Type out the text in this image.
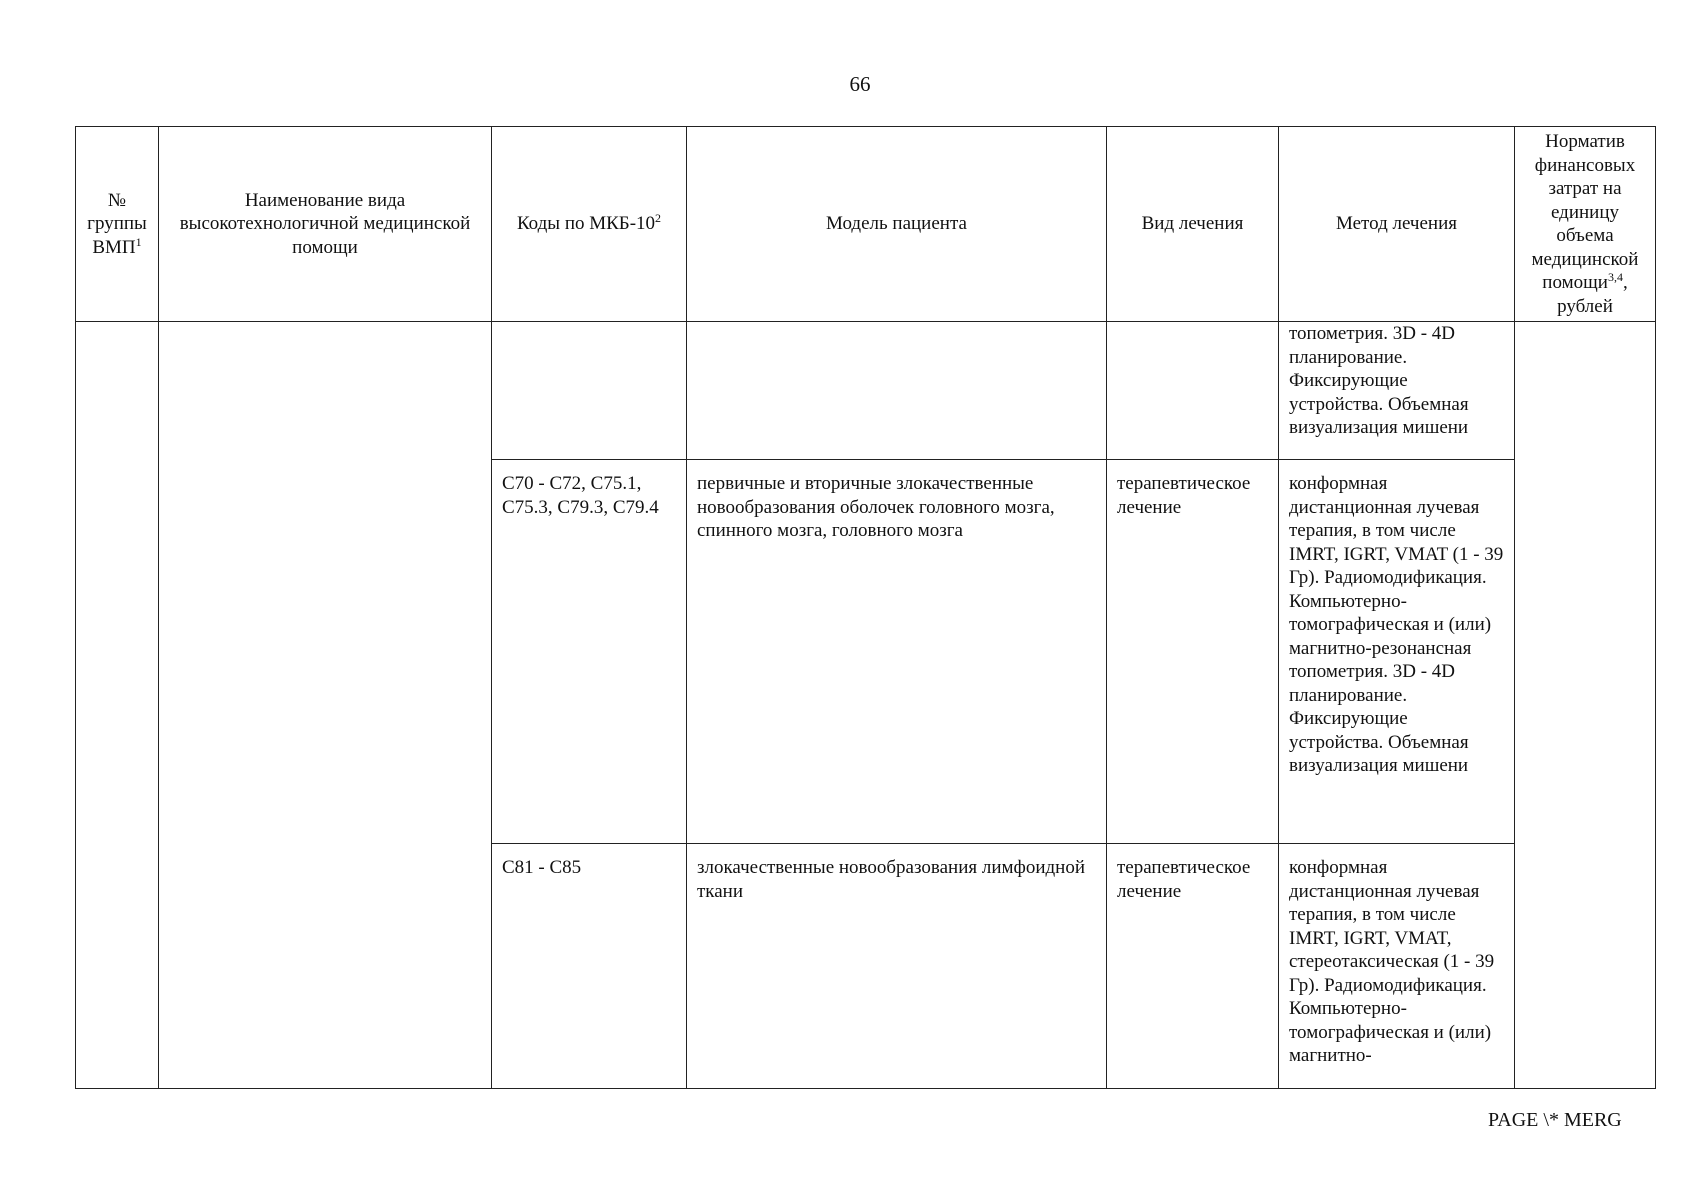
66
№ группы ВМП$^1$	Наименование вида высокотехнологичной медицинской помощи	Коды по МКБ-$10^2$	Модель пациента	Вид лечения	Метод лечения	Норматив финансовых затрат на единицу объема медицинской помощи$^{3,4}$, рублей
					топометрия. 3D - 4D планирование. Фиксирующие устройства. Объемная визуализация мишени	
		C70 - C72, C75.1, C75.3, C79.3, C79.4	первичные и вторичные злокачественные новообразования оболочек головного мозга, спинного мозга, головного мозга	терапевтическое лечение	конформная дистанционная лучевая терапия, в том числе IMRT, IGRT, VMAT (1 - 39 Гр). Радиомодификация. Компьютерно-томографическая и (или) магнитно-резонансная топометрия. 3D - 4D планирование. Фиксирующие устройства. Объемная визуализация мишени	
		C81 - C85	злокачественные новообразования лимфоидной ткани	терапевтическое лечение	конформная дистанционная лучевая терапия, в том числе IMRT, IGRT, VMAT, стереотаксическая (1 - 39 Гр). Радиомодификация. Компьютерно-томографическая и (или) магнитно-	
PAGE \* MERG
